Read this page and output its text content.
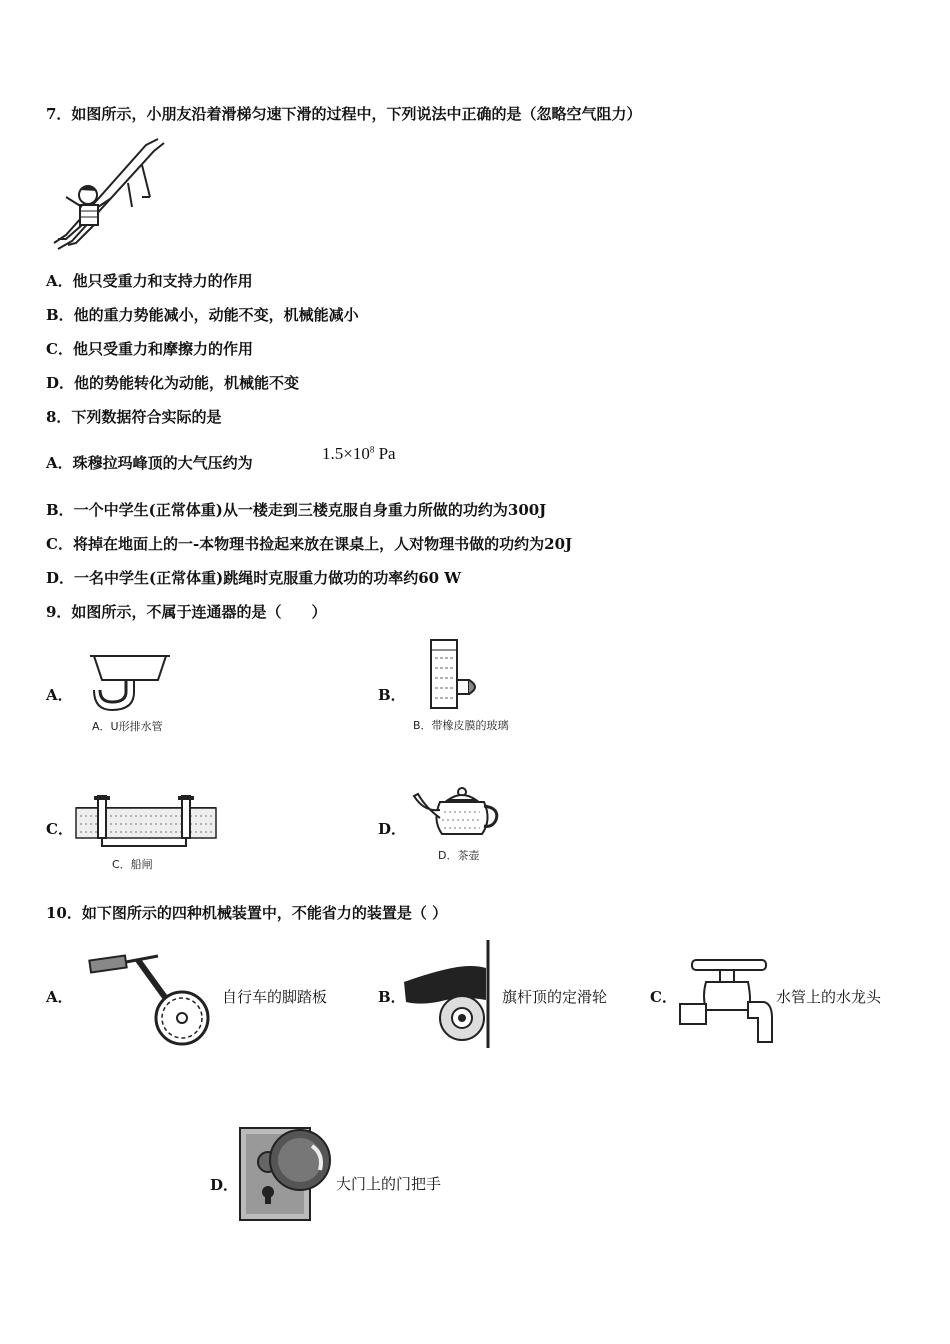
7．如图所示，小朋友沿着滑梯匀速下滑的过程中，下列说法中正确的是（忽略空气阻力）
A．他只受重力和支持力的作用
B．他的重力势能减小，动能不变，机械能减小
C．他只受重力和摩擦力的作用
D．他的势能转化为动能，机械能不变
8．下列数据符合实际的是
A．珠穆拉玛峰顶的大气压约为	$1.5\times 10^8$ Pa
B．一个中学生(正常体重)从一楼走到三楼克服自身重力所做的功约为300J
C．将掉在地面上的一-本物理书捡起来放在课桌上，人对物理书做的功约为20J
D．一名中学生(正常体重)跳绳时克服重力做功的功率约60 W
9．如图所示，不属于连通器的是（　　）
A．
A．U形排水管
B．
B．带橡皮膜的玻璃
C．
C．船闸
D．
D．茶壶
10．如下图所示的四种机械装置中，不能省力的装置是（ ）
A．	自行车的脚踏板	B．	旗杆顶的定滑轮	C．	水管上的水龙头
D．	大门上的门把手
